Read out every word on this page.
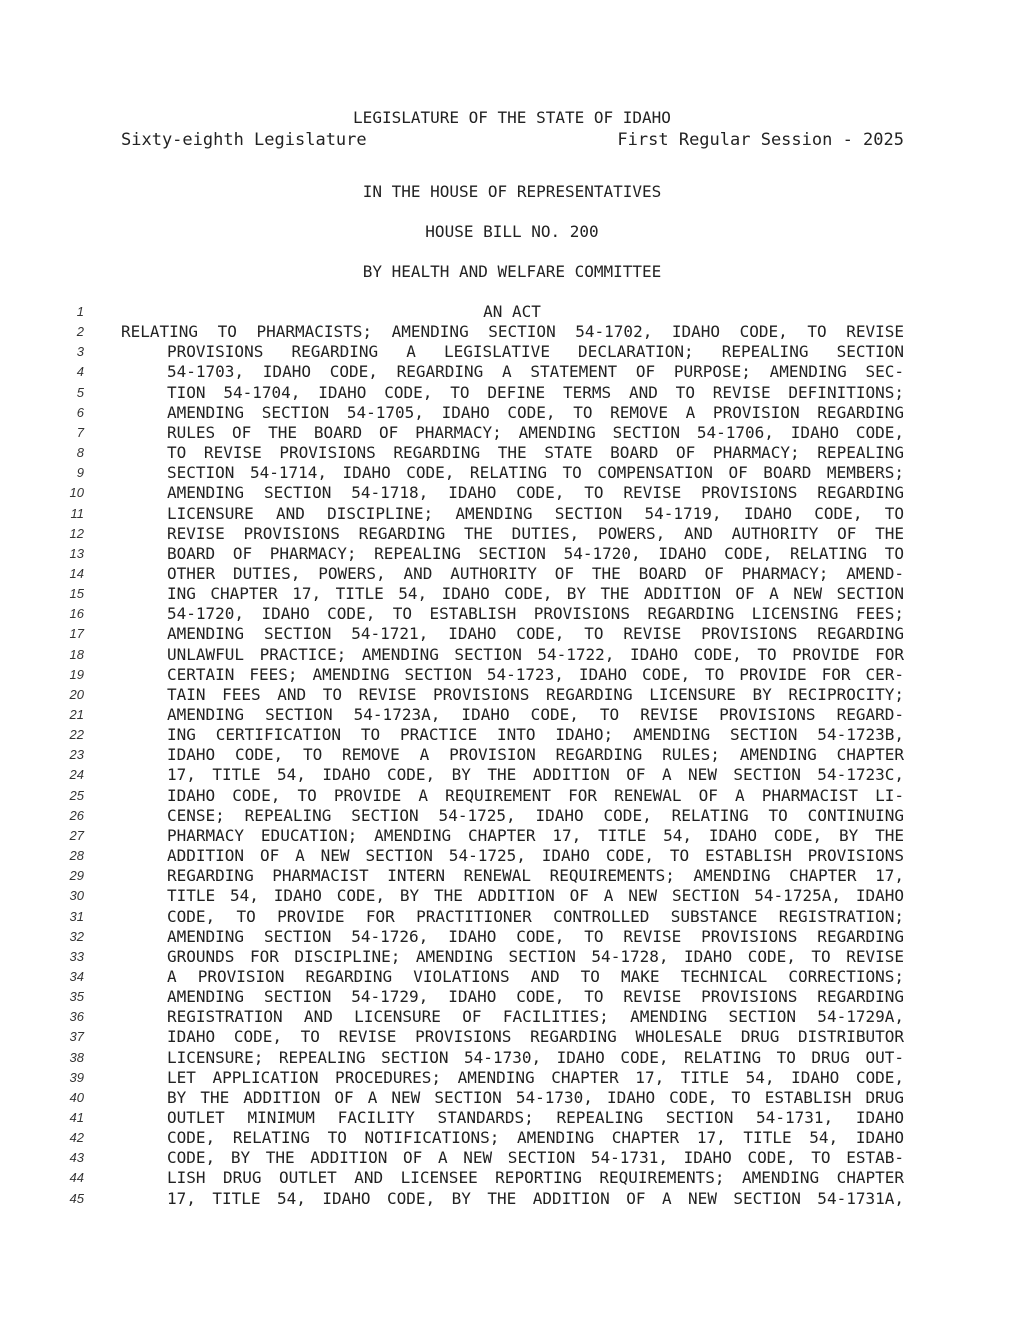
LEGISLATURE OF THE STATE OF IDAHO
Sixty-eighth Legislature	First Regular Session - 2025
IN THE HOUSE OF REPRESENTATIVES
HOUSE BILL NO. 200
BY HEALTH AND WELFARE COMMITTEE
1	AN ACT
2 RELATING TO PHARMACISTS; AMENDING SECTION 54-1702, IDAHO CODE, TO REVISE
3	PROVISIONS REGARDING A LEGISLATIVE DECLARATION; REPEALING SECTION
4	54-1703, IDAHO CODE, REGARDING A STATEMENT OF PURPOSE; AMENDING SEC-
5	TION 54-1704, IDAHO CODE, TO DEFINE TERMS AND TO REVISE DEFINITIONS;
6	AMENDING SECTION 54-1705, IDAHO CODE, TO REMOVE A PROVISION REGARDING
7	RULES OF THE BOARD OF PHARMACY; AMENDING SECTION 54-1706, IDAHO CODE,
8	TO REVISE PROVISIONS REGARDING THE STATE BOARD OF PHARMACY; REPEALING
9	SECTION 54-1714, IDAHO CODE, RELATING TO COMPENSATION OF BOARD MEMBERS;
10	AMENDING SECTION 54-1718, IDAHO CODE, TO REVISE PROVISIONS REGARDING
11	LICENSURE AND DISCIPLINE; AMENDING SECTION 54-1719, IDAHO CODE, TO
12	REVISE PROVISIONS REGARDING THE DUTIES, POWERS, AND AUTHORITY OF THE
13	BOARD OF PHARMACY; REPEALING SECTION 54-1720, IDAHO CODE, RELATING TO
14	OTHER DUTIES, POWERS, AND AUTHORITY OF THE BOARD OF PHARMACY; AMEND-
15	ING CHAPTER 17, TITLE 54, IDAHO CODE, BY THE ADDITION OF A NEW SECTION
16	54-1720, IDAHO CODE, TO ESTABLISH PROVISIONS REGARDING LICENSING FEES;
17	AMENDING SECTION 54-1721, IDAHO CODE, TO REVISE PROVISIONS REGARDING
18	UNLAWFUL PRACTICE; AMENDING SECTION 54-1722, IDAHO CODE, TO PROVIDE FOR
19	CERTAIN FEES; AMENDING SECTION 54-1723, IDAHO CODE, TO PROVIDE FOR CER-
20	TAIN FEES AND TO REVISE PROVISIONS REGARDING LICENSURE BY RECIPROCITY;
21	AMENDING SECTION 54-1723A, IDAHO CODE, TO REVISE PROVISIONS REGARD-
22	ING CERTIFICATION TO PRACTICE INTO IDAHO; AMENDING SECTION 54-1723B,
23	IDAHO CODE, TO REMOVE A PROVISION REGARDING RULES; AMENDING CHAPTER
24	17, TITLE 54, IDAHO CODE, BY THE ADDITION OF A NEW SECTION 54-1723C,
25	IDAHO CODE, TO PROVIDE A REQUIREMENT FOR RENEWAL OF A PHARMACIST LI-
26	CENSE; REPEALING SECTION 54-1725, IDAHO CODE, RELATING TO CONTINUING
27	PHARMACY EDUCATION; AMENDING CHAPTER 17, TITLE 54, IDAHO CODE, BY THE
28	ADDITION OF A NEW SECTION 54-1725, IDAHO CODE, TO ESTABLISH PROVISIONS
29	REGARDING PHARMACIST INTERN RENEWAL REQUIREMENTS; AMENDING CHAPTER 17,
30	TITLE 54, IDAHO CODE, BY THE ADDITION OF A NEW SECTION 54-1725A, IDAHO
31	CODE, TO PROVIDE FOR PRACTITIONER CONTROLLED SUBSTANCE REGISTRATION;
32	AMENDING SECTION 54-1726, IDAHO CODE, TO REVISE PROVISIONS REGARDING
33	GROUNDS FOR DISCIPLINE; AMENDING SECTION 54-1728, IDAHO CODE, TO REVISE
34	A PROVISION REGARDING VIOLATIONS AND TO MAKE TECHNICAL CORRECTIONS;
35	AMENDING SECTION 54-1729, IDAHO CODE, TO REVISE PROVISIONS REGARDING
36	REGISTRATION AND LICENSURE OF FACILITIES; AMENDING SECTION 54-1729A,
37	IDAHO CODE, TO REVISE PROVISIONS REGARDING WHOLESALE DRUG DISTRIBUTOR
38	LICENSURE; REPEALING SECTION 54-1730, IDAHO CODE, RELATING TO DRUG OUT-
39	LET APPLICATION PROCEDURES; AMENDING CHAPTER 17, TITLE 54, IDAHO CODE,
40	BY THE ADDITION OF A NEW SECTION 54-1730, IDAHO CODE, TO ESTABLISH DRUG
41	OUTLET MINIMUM FACILITY STANDARDS; REPEALING SECTION 54-1731, IDAHO
42	CODE, RELATING TO NOTIFICATIONS; AMENDING CHAPTER 17, TITLE 54, IDAHO
43	CODE, BY THE ADDITION OF A NEW SECTION 54-1731, IDAHO CODE, TO ESTAB-
44	LISH DRUG OUTLET AND LICENSEE REPORTING REQUIREMENTS; AMENDING CHAPTER
45	17, TITLE 54, IDAHO CODE, BY THE ADDITION OF A NEW SECTION 54-1731A,
